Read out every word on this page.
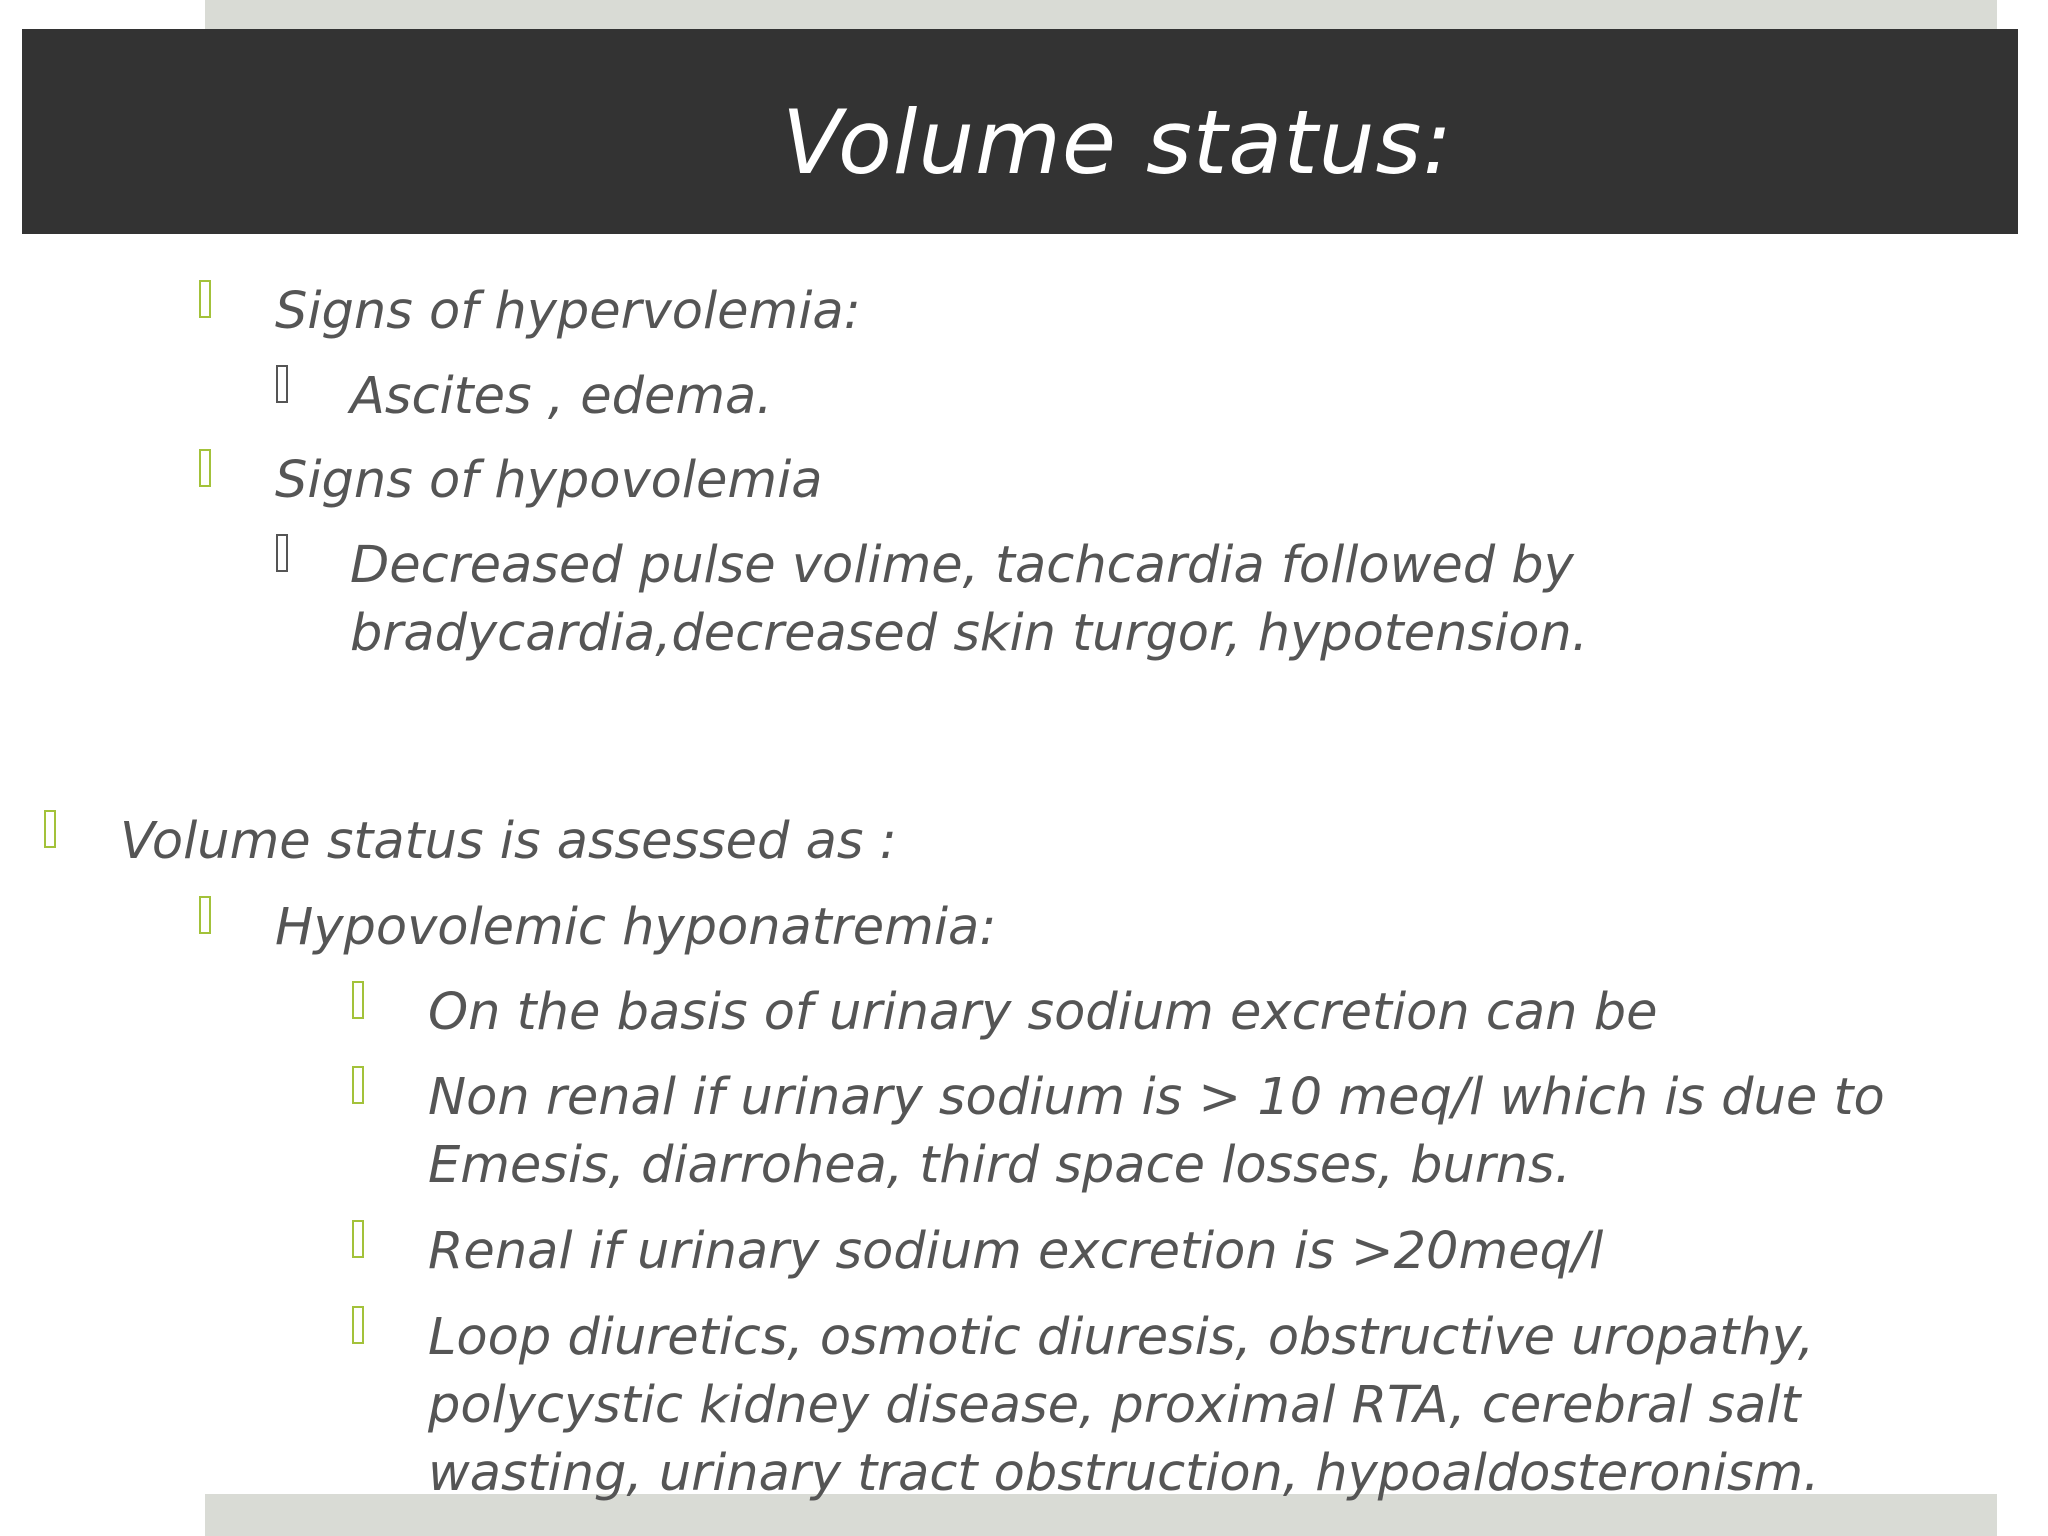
Volume status:
Signs of hypervolemia:
Ascites , edema.
Signs of hypovolemia
Decreased pulse volime, tachcardia followed by
bradycardia,decreased skin turgor, hypotension.
Volume status is assessed as :
Hypovolemic hyponatremia:
On the basis of urinary sodium excretion can be
Non renal if urinary sodium is > 10 meq/l which is due to
Emesis, diarrohea, third space losses, burns.
Renal if urinary sodium excretion is >20meq/l
Loop diuretics, osmotic diuresis, obstructive uropathy,
polycystic kidney disease, proximal RTA, cerebral salt
wasting, urinary tract obstruction, hypoaldosteronism.
